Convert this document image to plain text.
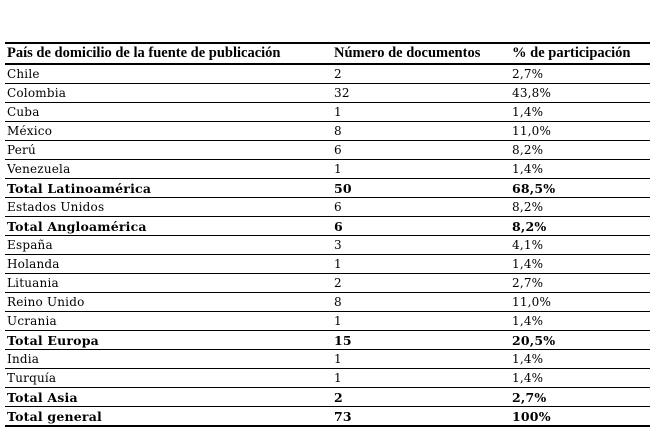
País de domicilio de la fuente de publicación	Número de documentos	% de participación
Chile	2	2,7%
Colombia	32	43,8%
Cuba	1	1,4%
México	8	11,0%
Perú	6	8,2%
Venezuela	1	1,4%
Total Latinoamérica	50	68,5%
Estados Unidos	6	8,2%
Total Angloamérica	6	8,2%
España	3	4,1%
Holanda	1	1,4%
Lituania	2	2,7%
Reino Unido	8	11,0%
Ucrania	1	1,4%
Total Europa	15	20,5%
India	1	1,4%
Turquía	1	1,4%
Total Asia	2	2,7%
Total general	73	100%
